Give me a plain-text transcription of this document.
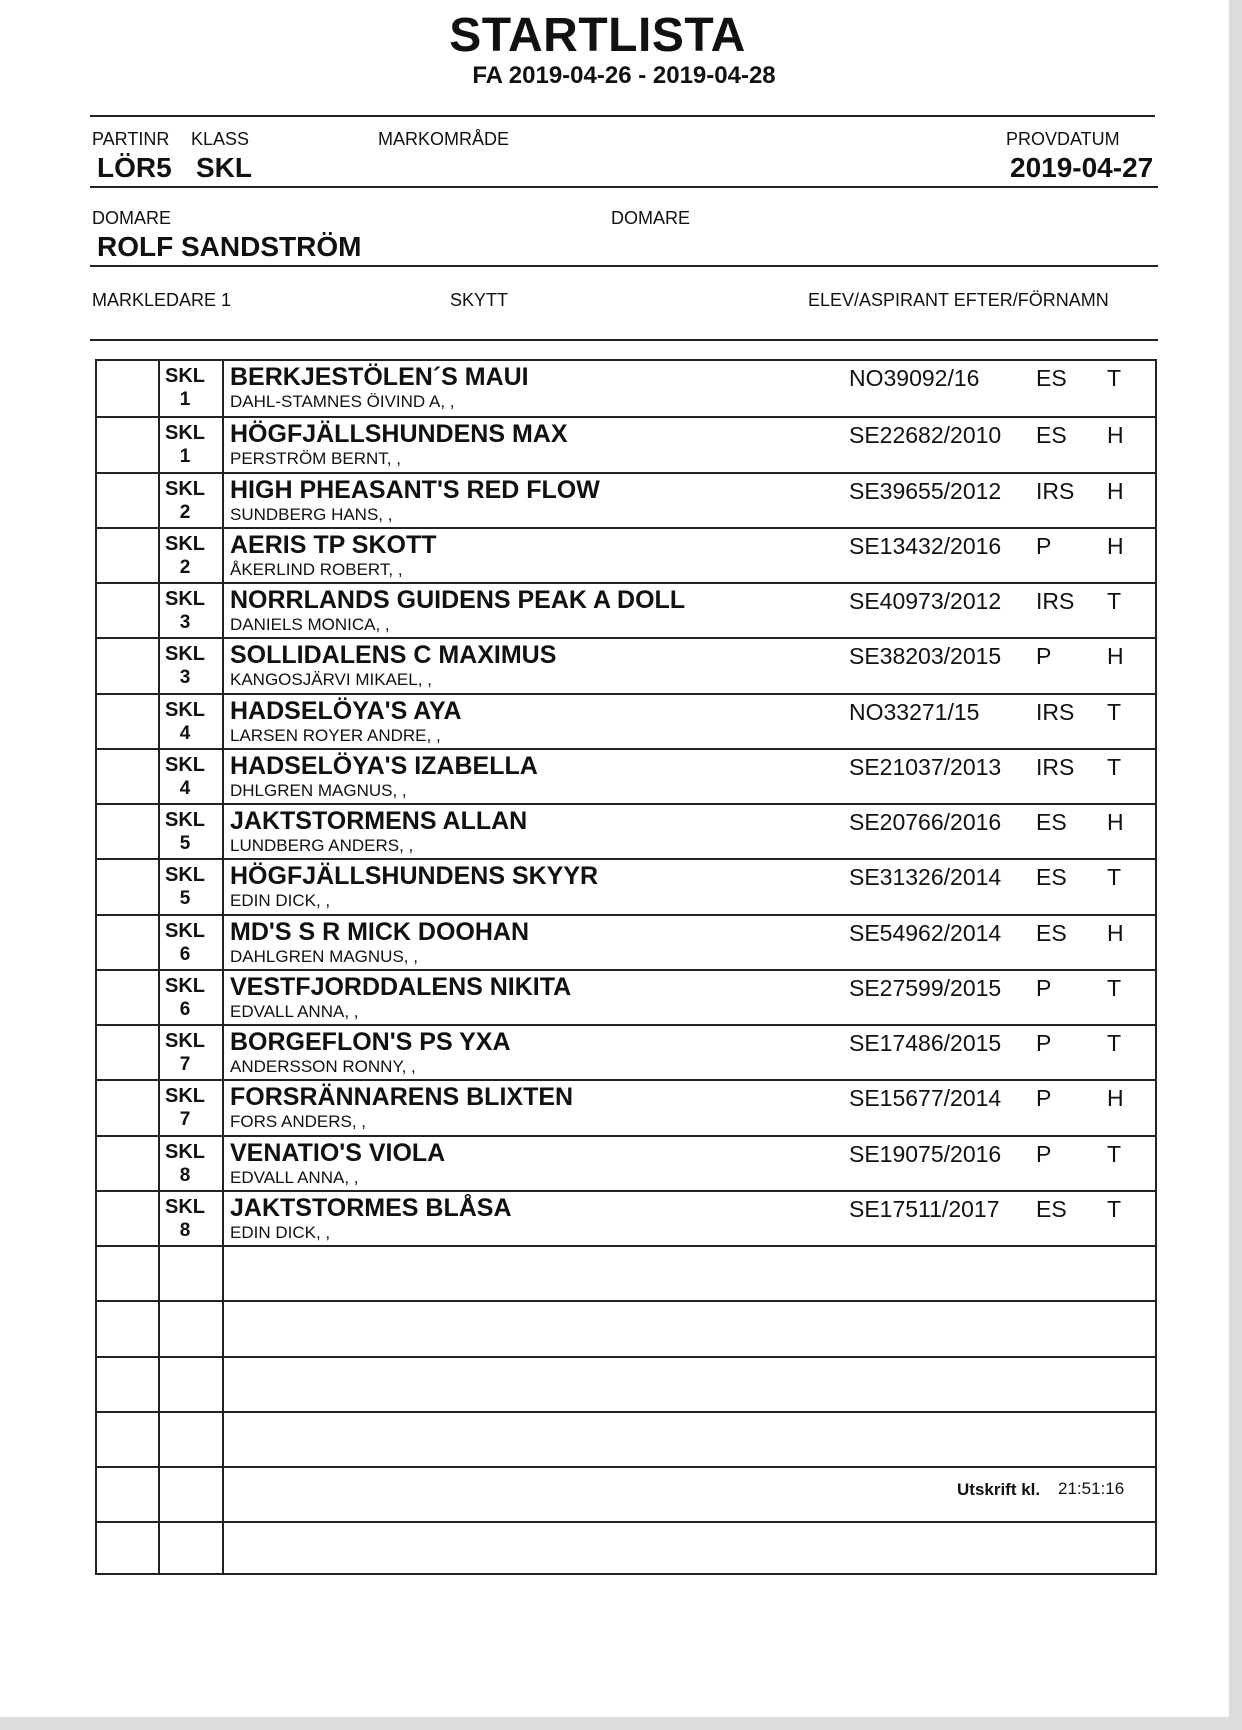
STARTLISTA
FA 2019-04-26 - 2019-04-28
PARTINR KLASS	MARKOMRÅDE	PROVDATUM
LÖR5 SKL	2019-04-27
DOMARE	DOMARE
ROLF SANDSTRÖM
MARKLEDARE 1	SKYTT	ELEV/ASPIRANT EFTER/FÖRNAMN
SKL
1
BERKJESTÖLEN´S MAUI
DAHL-STAMNES ÖIVIND A, ,
NO39092/16 ES T
SKL
1
HÖGFJÄLLSHUNDENS MAX
PERSTRÖM BERNT, ,
SE22682/2010 ES H
SKL
2
HIGH PHEASANT'S RED FLOW
SUNDBERG HANS, ,
SE39655/2012 IRS H
SKL
2
AERIS TP SKOTT
ÅKERLIND ROBERT, ,
SE13432/2016 P H
SKL
3
NORRLANDS GUIDENS PEAK A DOLL
DANIELS MONICA, ,
SE40973/2012 IRS T
SKL
3
SOLLIDALENS C MAXIMUS
KANGOSJÄRVI MIKAEL, ,
SE38203/2015 P H
SKL
4
HADSELÖYA'S AYA
LARSEN ROYER ANDRE, ,
NO33271/15 IRS T
SKL
4
HADSELÖYA'S IZABELLA
DHLGREN MAGNUS, ,
SE21037/2013 IRS T
SKL
5
JAKTSTORMENS ALLAN
LUNDBERG ANDERS, ,
SE20766/2016 ES H
SKL
5
HÖGFJÄLLSHUNDENS SKYYR
EDIN DICK, ,
SE31326/2014 ES T
SKL
6
MD'S S R MICK DOOHAN
DAHLGREN MAGNUS, ,
SE54962/2014 ES H
SKL
6
VESTFJORDDALENS NIKITA
EDVALL ANNA, ,
SE27599/2015 P T
SKL
7
BORGEFLON'S PS YXA
ANDERSSON RONNY, ,
SE17486/2015 P T
SKL
7
FORSRÄNNARENS BLIXTEN
FORS ANDERS, ,
SE15677/2014 P H
SKL
8
VENATIO'S VIOLA
EDVALL ANNA, ,
SE19075/2016 P T
SKL
8
JAKTSTORMES BLÅSA
EDIN DICK, ,
SE17511/2017 ES T
Utskrift kl. 21:51:16
